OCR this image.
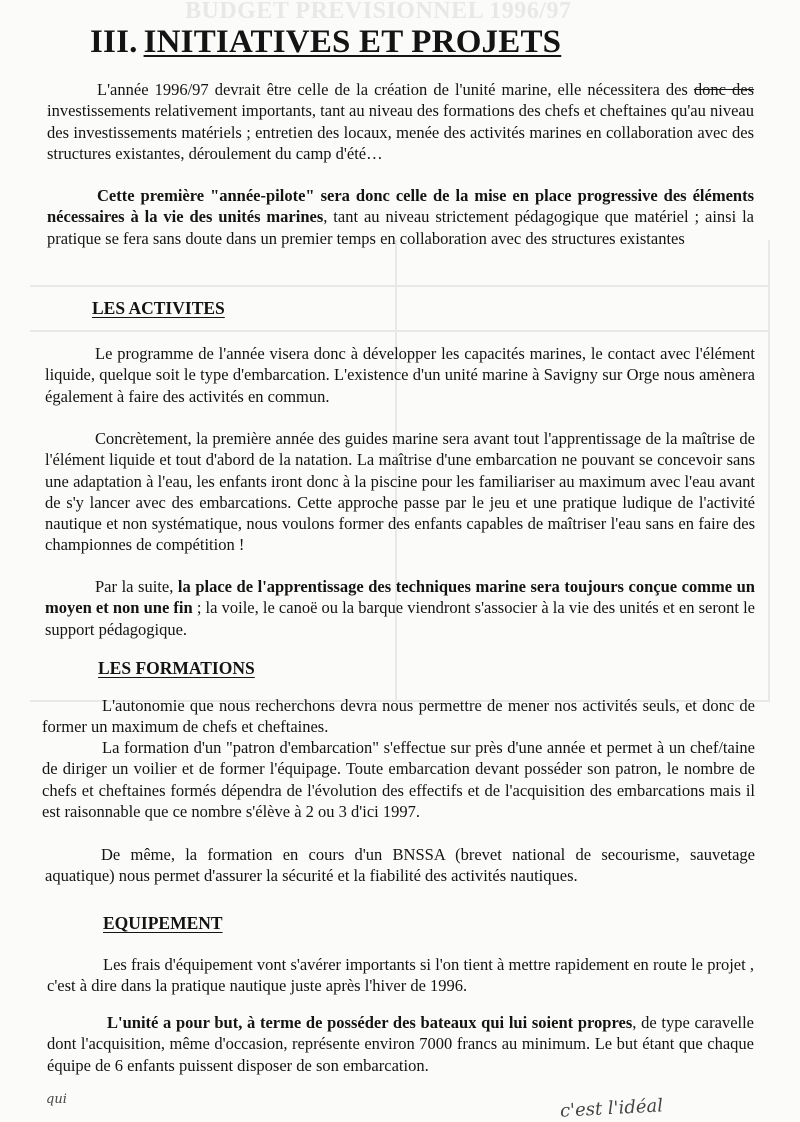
BUDGET PREVISIONNEL 1996/97
III. INITIATIVES ET PROJETS

L'année 1996/97 devrait être celle de la création de l'unité marine, elle nécessitera des donc des investissements relativement importants, tant au niveau des formations des chefs et cheftaines qu'au niveau des investissements matériels ; entretien des locaux, menée des activités marines en collaboration avec des structures existantes, déroulement du camp d'été…

Cette première "année-pilote" sera donc celle de la mise en place progressive des éléments nécessaires à la vie des unités marines, tant au niveau strictement pédagogique que matériel ; ainsi la pratique se fera sans doute dans un premier temps en collaboration avec des structures existantes

LES ACTIVITES

Le programme de l'année visera donc à développer les capacités marines, le contact avec l'élément liquide, quelque soit le type d'embarcation. L'existence d'un unité marine à Savigny sur Orge nous amènera également à faire des activités en commun.

Concrètement, la première année des guides marine sera avant tout l'apprentissage de la maîtrise de l'élément liquide et tout d'abord de la natation. La maîtrise d'une embarcation ne pouvant se concevoir sans une adaptation à l'eau, les enfants iront donc à la piscine pour les familiariser au maximum avec l'eau avant de s'y lancer avec des embarcations. Cette approche passe par le jeu et une pratique ludique de l'activité nautique et non systématique, nous voulons former des enfants capables de maîtriser l'eau sans en faire des championnes de compétition !

Par la suite, la place de l'apprentissage des techniques marine sera toujours conçue comme un moyen et non une fin ; la voile, le canoë ou la barque viendront s'associer à la vie des unités et en seront le support pédagogique.

LES FORMATIONS

L'autonomie que nous recherchons devra nous permettre de mener nos activités seuls, et donc de former un maximum de chefs et cheftaines.

La formation d'un "patron d'embarcation" s'effectue sur près d'une année et permet à un chef/taine de diriger un voilier et de former l'équipage. Toute embarcation devant posséder son patron, le nombre de chefs et cheftaines formés dépendra de l'évolution des effectifs et de l'acquisition des embarcations mais il est raisonnable que ce nombre s'élève à 2 ou 3 d'ici 1997.

De même, la formation en cours d'un BNSSA (brevet national de secourisme, sauvetage aquatique) nous permet d'assurer la sécurité et la fiabilité des activités nautiques.

EQUIPEMENT

Les frais d'équipement vont s'avérer importants si l'on tient à mettre rapidement en route le projet , c'est à dire dans la pratique nautique juste après l'hiver de 1996.

L'unité a pour but, à terme de posséder des bateaux qui lui soient propres, de type caravelle dont l'acquisition, même d'occasion, représente environ 7000 francs au minimum. Le but étant que chaque équipe de 6 enfants puissent disposer de son embarcation.

qui	c'est l'idéal
